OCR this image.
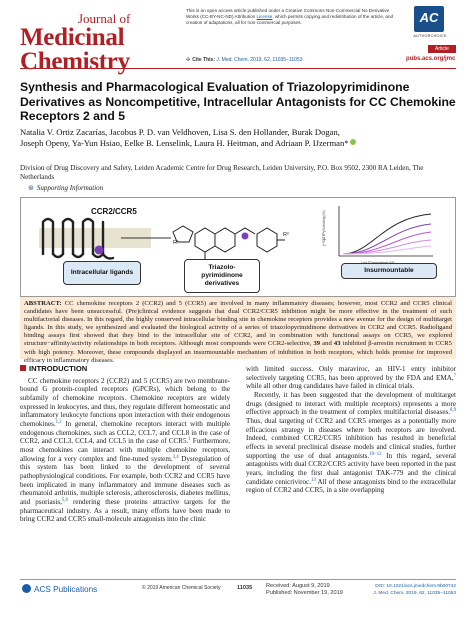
Journal of
Medicinal
Chemistry
This is an open access article published under a Creative Commons Non-Commercial No Derivative Works (CC-BY-NC-ND) Attribution License, which permits copying and redistribution of the article, and creation of adaptations, all for non-commercial purposes.	AC
AUTHORCHOICE
Article
✣ Cite This: J. Med. Chem. 2019, 62, 11035−11053	pubs.acs.org/jmc
Synthesis and Pharmacological Evaluation of Triazolopyrimidinone Derivatives as Noncompetitive, Intracellular Antagonists for CC Chemokine Receptors 2 and 5
Natalia V. Ortiz Zacarías, Jacobus P. D. van Veldhoven, Lisa S. den Hollander, Burak Dogan,
Joseph Openy, Ya-Yun Hsiao, Eelke B. Lenselink, Laura H. Heitman, and Adriaan P. IJzerman*
Division of Drug Discovery and Safety, Leiden Academic Centre for Drug Research, Leiden University, P.O. Box 9502, 2300 RA Leiden, The Netherlands
⊛ Supporting Information
R¹
R²	[³⁵S]GTPγS binding (%)
CCR2/CCR5
Intracellular ligands
Triazolo-
pyrimidinone
derivatives
Insurmountable
ABSTRACT: CC chemokine receptors 2 (CCR2) and 5 (CCR5) are involved in many inflammatory diseases; however, most CCR2 and CCR5 clinical candidates have been unsuccessful. (Pre)clinical evidence suggests that dual CCR2/CCR5 inhibition might be more effective in the treatment of such multifactorial diseases. In this regard, the highly conserved intracellular binding site in chemokine receptors provides a new avenue for the design of multitarget ligands. In this study, we synthesized and evaluated the biological activity of a series of triazolopyrimidinone derivatives in CCR2 and CCR5. Radioligand binding assays first showed that they bind to the intracellular site of CCR2, and in combination with functional assays on CCR5, we explored structure−affinity/activity relationships in both receptors. Although most compounds were CCR2-selective, 39 and 43 inhibited β-arrestin recruitment in CCR5 with high potency. Moreover, these compounds displayed an insurmountable mechanism of inhibition in both receptors, which holds promise for improved efficacy in inflammatory diseases.
INTRODUCTION
CC chemokine receptors 2 (CCR2) and 5 (CCR5) are two membrane-bound G protein-coupled receptors (GPCRs), which belong to the subfamily of chemokine receptors. Chemokine receptors are widely expressed in leukocytes, and thus, they regulate different homeostatic and inflammatory leukocyte functions upon interaction with their endogenous chemokines.$^{1,2}$ In general, chemokine receptors interact with multiple endogenous chemokines, such as CCL2, CCL7, and CCL8 in the case of CCR2, and CCL3, CCL4, and CCL5 in the case of CCR5.$^1$ Furthermore, most chemokines can interact with multiple chemokine receptors, allowing for a very complex and fine-tuned system.$^{3,4}$ Dysregulation of this system has been linked to the development of several pathophysiological conditions. For example, both CCR2 and CCR5 have been implicated in many inflammatory and immune diseases such as rheumatoid arthritis, multiple sclerosis, atherosclerosis, diabetes mellitus, and psoriasis,$^{5,6}$ rendering these proteins attractive targets for the pharmaceutical industry. As a result, many efforts have been made to bring CCR2 and CCR5 small-molecule antagonists into the clinic
with limited success. Only maraviroc, an HIV-1 entry inhibitor selectively targeting CCR5, has been approved by the FDA and EMA,$^7$ while all other drug candidates have failed in clinical trials.
Recently, it has been suggested that the development of multitarget drugs (designed to interact with multiple receptors) represents a more effective approach in the treatment of complex multifactorial diseases.$^{8,9}$ Thus, dual targeting of CCR2 and CCR5 emerges as a potentially more efficacious strategy in diseases where both receptors are involved. Indeed, combined CCR2/CCR5 inhibition has resulted in beneficial effects in several preclinical disease models and clinical studies, further supporting the use of dual antagonists.$^{10-12}$ In this regard, several antagonists with dual CCR2/CCR5 activity have been reported in the past years, including the first dual antagonist TAK-779 and the clinical candidate cenicriviroc.$^{13}$ All of these antagonists bind to the extracellular region of CCR2 and CCR5, in a site overlapping
ACS Publications	© 2019 American Chemical Society	11035 Received: August 9, 2019
Published: November 19, 2019
DOI: 10.1021/acs.jmedchem.9b00742
J. Med. Chem. 2019, 62, 11035−11053
